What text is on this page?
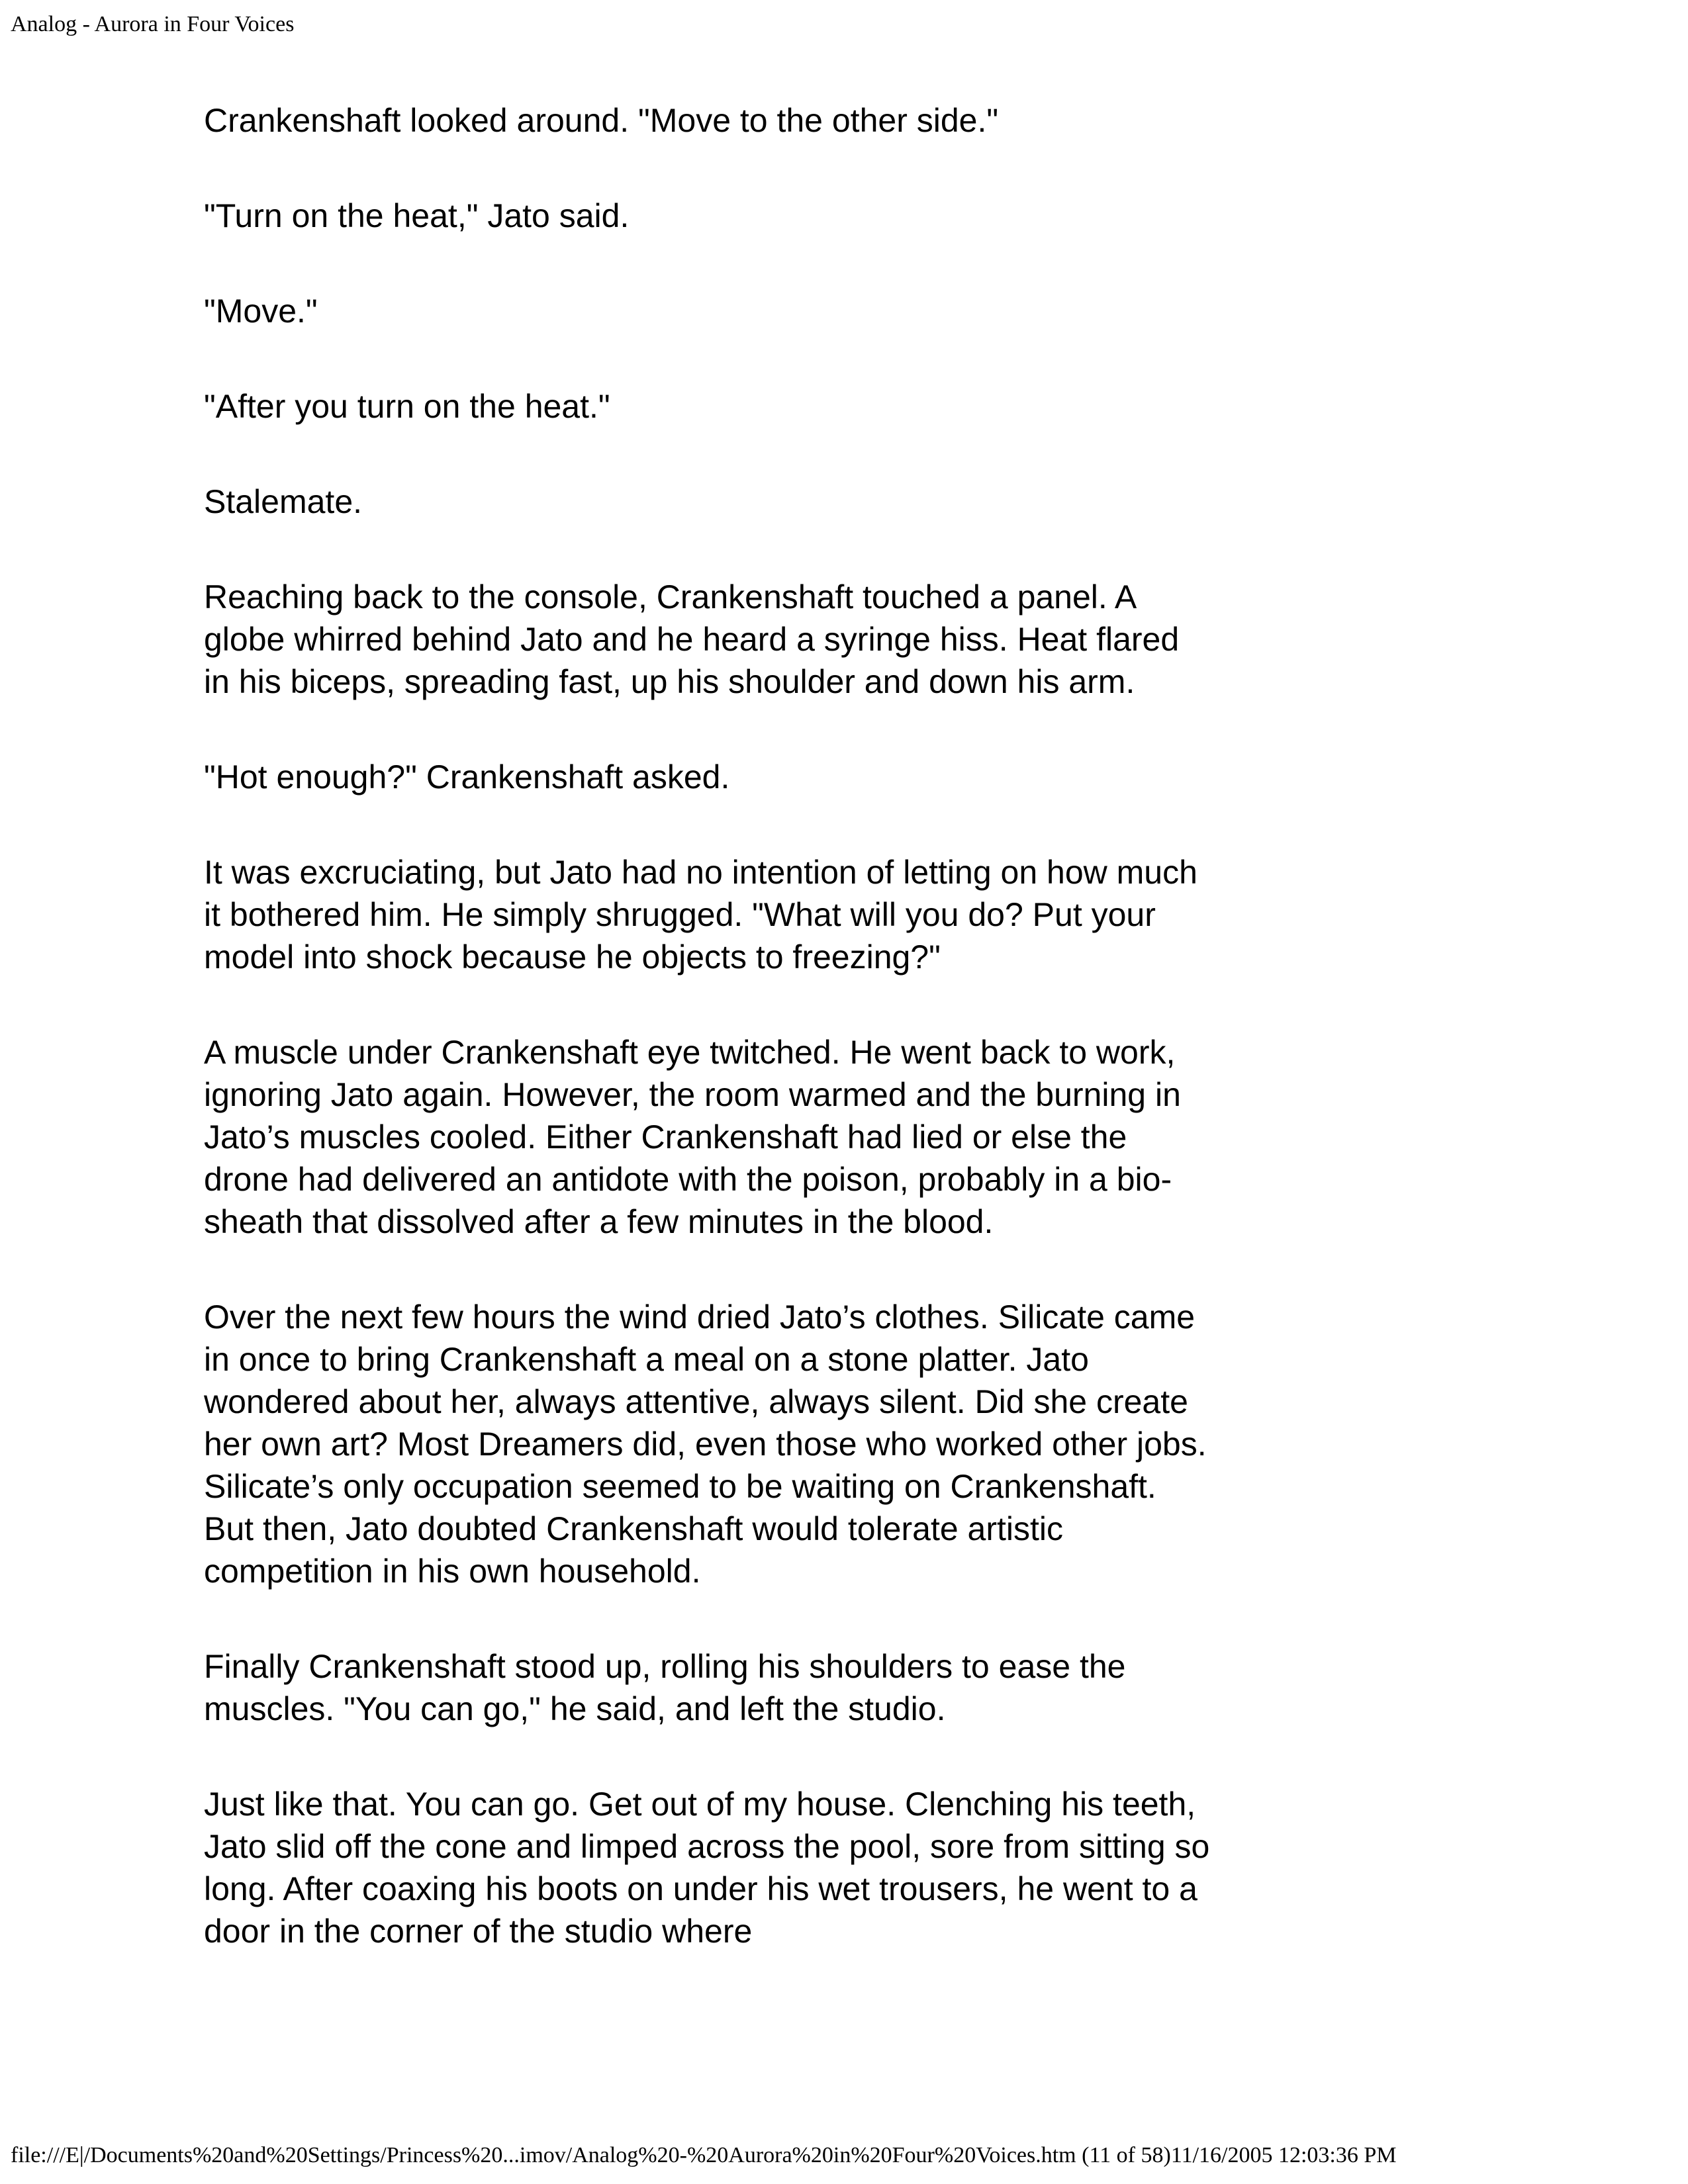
Analog - Aurora in Four Voices

Crankenshaft looked around. "Move to the other side."

"Turn on the heat," Jato said.

"Move."

"After you turn on the heat."

Stalemate.

Reaching back to the console, Crankenshaft touched a panel. A globe whirred behind Jato and he heard a syringe hiss. Heat flared in his biceps, spreading fast, up his shoulder and down his arm.

"Hot enough?" Crankenshaft asked.

It was excruciating, but Jato had no intention of letting on how much it bothered him. He simply shrugged. "What will you do? Put your model into shock because he objects to freezing?"

A muscle under Crankenshaft eye twitched. He went back to work, ignoring Jato again. However, the room warmed and the burning in Jato’s muscles cooled. Either Crankenshaft had lied or else the drone had delivered an antidote with the poison, probably in a bio-sheath that dissolved after a few minutes in the blood.

Over the next few hours the wind dried Jato’s clothes. Silicate came in once to bring Crankenshaft a meal on a stone platter. Jato wondered about her, always attentive, always silent. Did she create her own art? Most Dreamers did, even those who worked other jobs. Silicate’s only occupation seemed to be waiting on Crankenshaft. But then, Jato doubted Crankenshaft would tolerate artistic competition in his own household.

Finally Crankenshaft stood up, rolling his shoulders to ease the muscles. "You can go," he said, and left the studio.

Just like that. You can go. Get out of my house. Clenching his teeth, Jato slid off the cone and limped across the pool, sore from sitting so long. After coaxing his boots on under his wet trousers, he went to a door in the corner of the studio where

file:///E|/Documents%20and%20Settings/Princess%20...imov/Analog%20-%20Aurora%20in%20Four%20Voices.htm (11 of 58)11/16/2005 12:03:36 PM
